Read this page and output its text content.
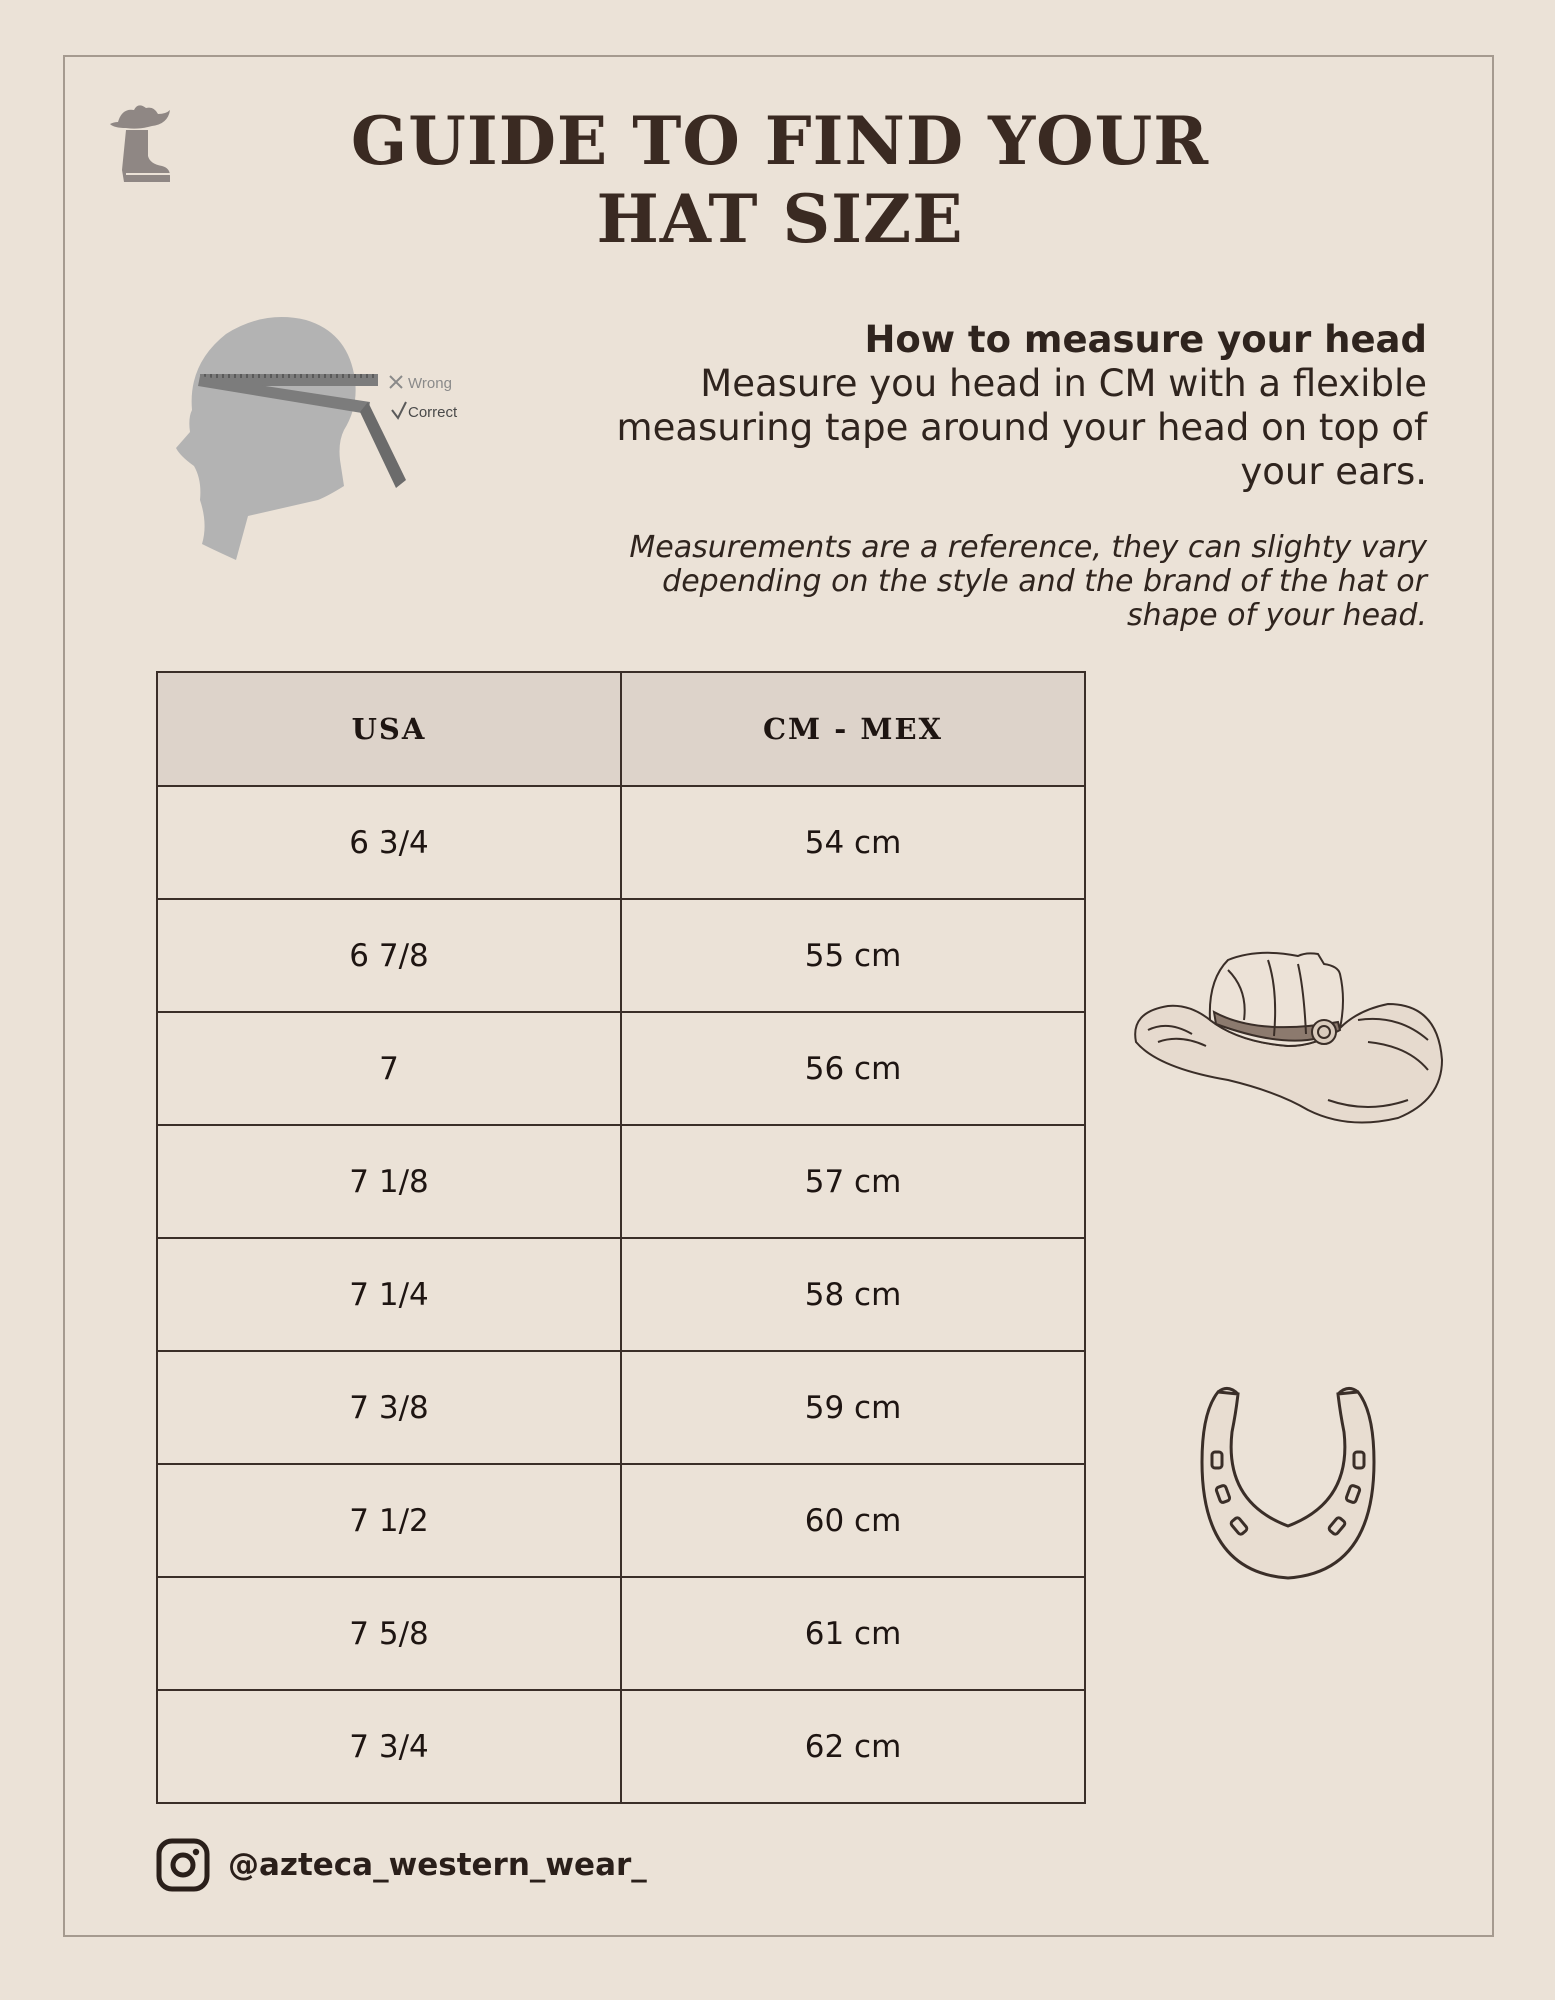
GUIDE TO FIND YOUR
HAT SIZE
Wrong
Correct
How to measure your head
Measure you head in CM with a flexible measuring tape around your head on top of your ears.
Measurements are a reference, they can slighty vary depending on the style and the brand of the hat or shape of your head.
USA	CM - MEX
6 3/4	54 cm
6 7/8	55 cm
7	56 cm
7 1/8	57 cm
7 1/4	58 cm
7 3/8	59 cm
7 1/2	60 cm
7 5/8	61 cm
7 3/4	62 cm
@azteca_western_wear_
